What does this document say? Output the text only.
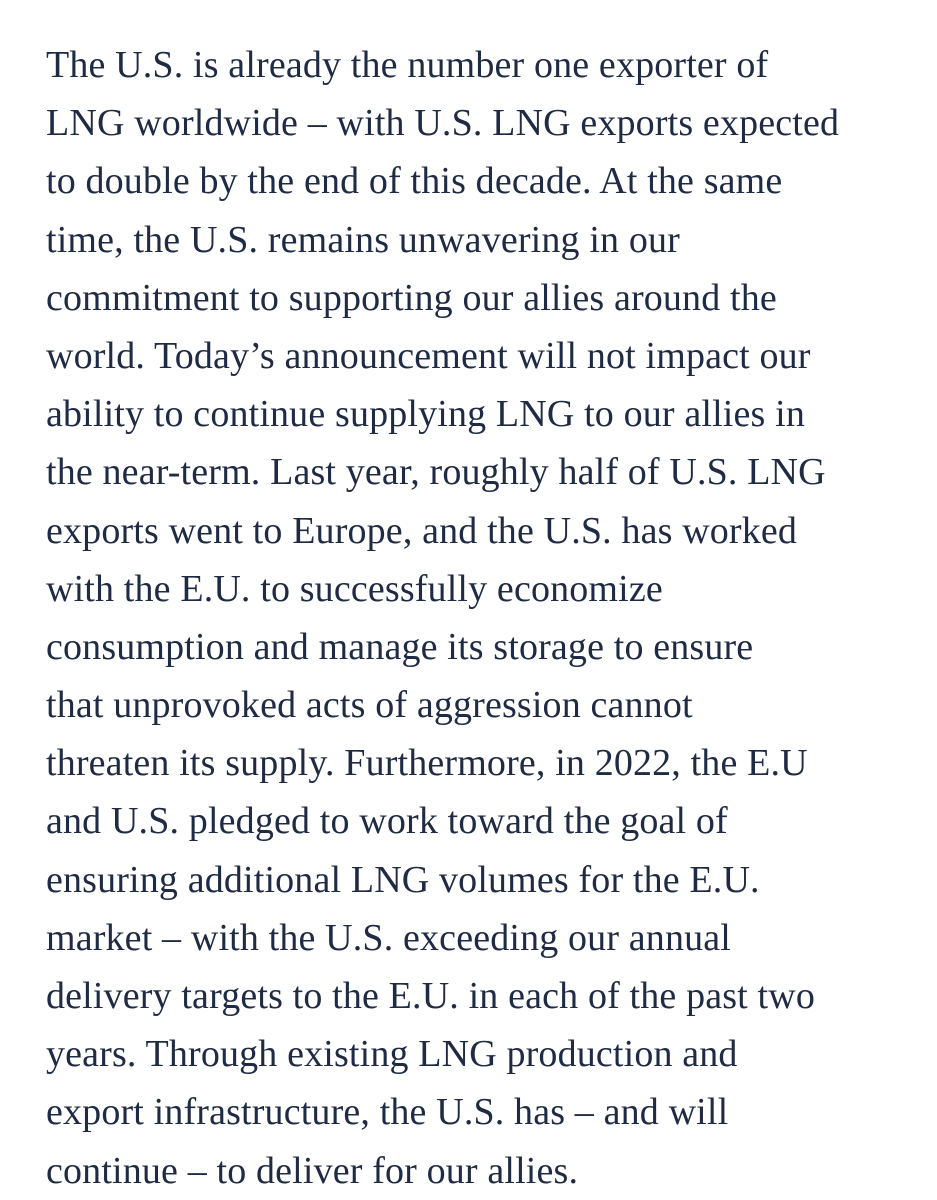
The U.S. is already the number one exporter of
LNG worldwide – with U.S. LNG exports expected
to double by the end of this decade. At the same
time, the U.S. remains unwavering in our
commitment to supporting our allies around the
world. Today’s announcement will not impact our
ability to continue supplying LNG to our allies in
the near-term. Last year, roughly half of U.S. LNG
exports went to Europe, and the U.S. has worked
with the E.U. to successfully economize
consumption and manage its storage to ensure
that unprovoked acts of aggression cannot
threaten its supply. Furthermore, in 2022, the E.U
and U.S. pledged to work toward the goal of
ensuring additional LNG volumes for the E.U.
market – with the U.S. exceeding our annual
delivery targets to the E.U. in each of the past two
years. Through existing LNG production and
export infrastructure, the U.S. has – and will
continue – to deliver for our allies.
